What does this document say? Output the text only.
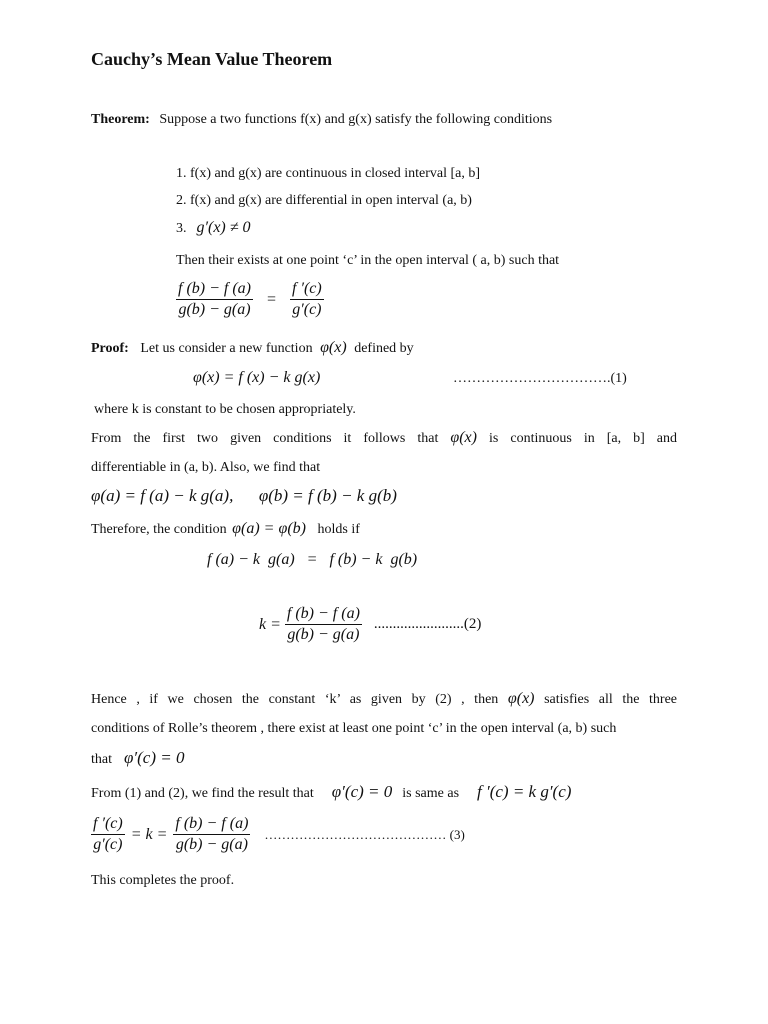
Cauchy’s Mean Value Theorem
Theorem: Suppose a two functions f(x) and g(x) satisfy the following conditions
1. f(x) and g(x) are continuous in closed interval [a, b]
2. f(x) and g(x) are differential in open interval (a, b)
3. g′(x) ≠ 0
Then their exists at one point ‘c’ in the open interval ( a, b) such that
$\frac{f (b) - f (a)}{g(b) - g(a)} = \frac{f '(c)}{g'(c)}$
Proof: Let us consider a new function φ(x) defined by
φ(x) = f (x) − k g(x)	…………………………….(1)
where k is constant to be chosen appropriately.
From the first two given conditions it follows that φ(x) is continuous in [a, b] and
differentiable in (a, b). Also, we find that
φ(a) = f (a) − k g(a),      φ(b) = f (b) − k g(b)
Therefore, the condition φ(a) = φ(b) holds if
f (a) − k  g(a)   =   f (b) − k  g(b)
$k = \frac{f (b) - f (a)}{g(b) - g(a)} ........................(2)$
Hence , if we chosen the constant ‘k’ as given by (2) , then φ(x) satisfies all the three
conditions of Rolle’s theorem , there exist at least one point ‘c’ in the open interval (a, b) such
that φ′(c) = 0
From (1) and (2), we find the result that φ′(c) = 0 is same as f ′(c) = k g′(c)
$\frac{f '(c)}{g'(c)} = k = \frac{f (b) - f (a)}{g(b) - g(a)}$ …………………………………… (3)
This completes the proof.
